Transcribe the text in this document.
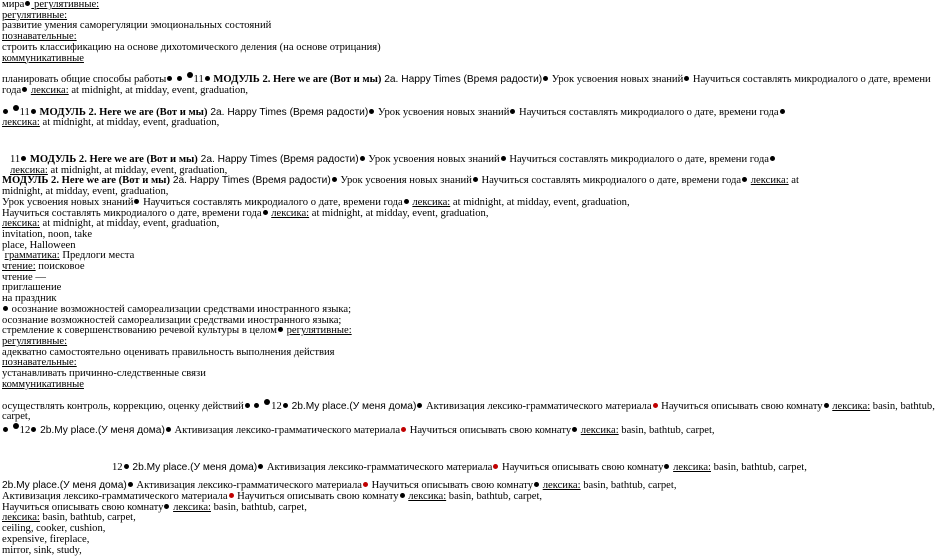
мира регулятивные:

регулятивные:

развитие умения саморегуляции эмоциональных состояний

познавательные:

строить классификацию на основе дихотомического деления (на основе отрицания)

коммуникативные

планировать общие способы работы	11 МОДУЛЬ 2. Here we are (Вот и мы) 2a. Happy Times (Время радости) Урок усвоения новых знаний Научиться составлять микродиалого о дате, времени

года лексика: at midnight, at midday, event, graduation,

11 МОДУЛЬ 2. Here we are (Вот и мы) 2a. Happy Times (Время радости) Урок усвоения новых знаний Научиться составлять микродиалого о дате, времени года лексика: at midnight, at midday, event, graduation,

11 МОДУЛЬ 2. Here we are (Вот и мы) 2a. Happy Times (Время радости) Урок усвоения новых знаний Научиться составлять микродиалого о дате, времени года лексика: at midnight, at midday, event, graduation,

МОДУЛЬ 2. Here we are (Вот и мы) 2a. Happy Times (Время радости) Урок усвоения новых знаний Научиться составлять микродиалого о дате, времени года лексика: at midnight, at midday, event, graduation,

Урок усвоения новых знаний Научиться составлять микродиалого о дате, времени года лексика: at midnight, at midday, event, graduation,

Научиться составлять микродиалого о дате, времени года лексика: at midnight, at midday, event, graduation,

лексика: at midnight, at midday, event, graduation,

invitation, noon, take

place, Halloween

грамматика: Предлоги места

чтение: поисковое

чтение —

приглашение

на праздник

осознание возможностей самореализации средствами иностранного языка;

осознание возможностей самореализации средствами иностранного языка;

стремление к совершенствованию речевой культуры в целом регулятивные:

регулятивные:

адекватно самостоятельно оценивать правильность выполнения действия

познавательные:

устанавливать причинно-следственные связи

коммуникативные

осуществлять контроль, коррекцию, оценку действий	12 2b.My place.(У меня дома) Активизация лексико-грамматического материала Научиться описывать свою комнату лексика: basin, bathtub,

carpet,

12 2b.My place.(У меня дома) Активизация лексико-грамматического материала Научиться описывать свою комнату лексика: basin, bathtub, carpet,

12 2b.My place.(У меня дома) Активизация лексико-грамматического материала Научиться описывать свою комнату лексика: basin, bathtub, carpet,

2b.My place.(У меня дома) Активизация лексико-грамматического материала Научиться описывать свою комнату лексика: basin, bathtub, carpet,

Активизация лексико-грамматического материала Научиться описывать свою комнату лексика: basin, bathtub, carpet,

Научиться описывать свою комнату лексика: basin, bathtub, carpet,

лексика: basin, bathtub, carpet,

ceiling, cooker, cushion,

expensive, fireplace,

mirror, sink, study,
